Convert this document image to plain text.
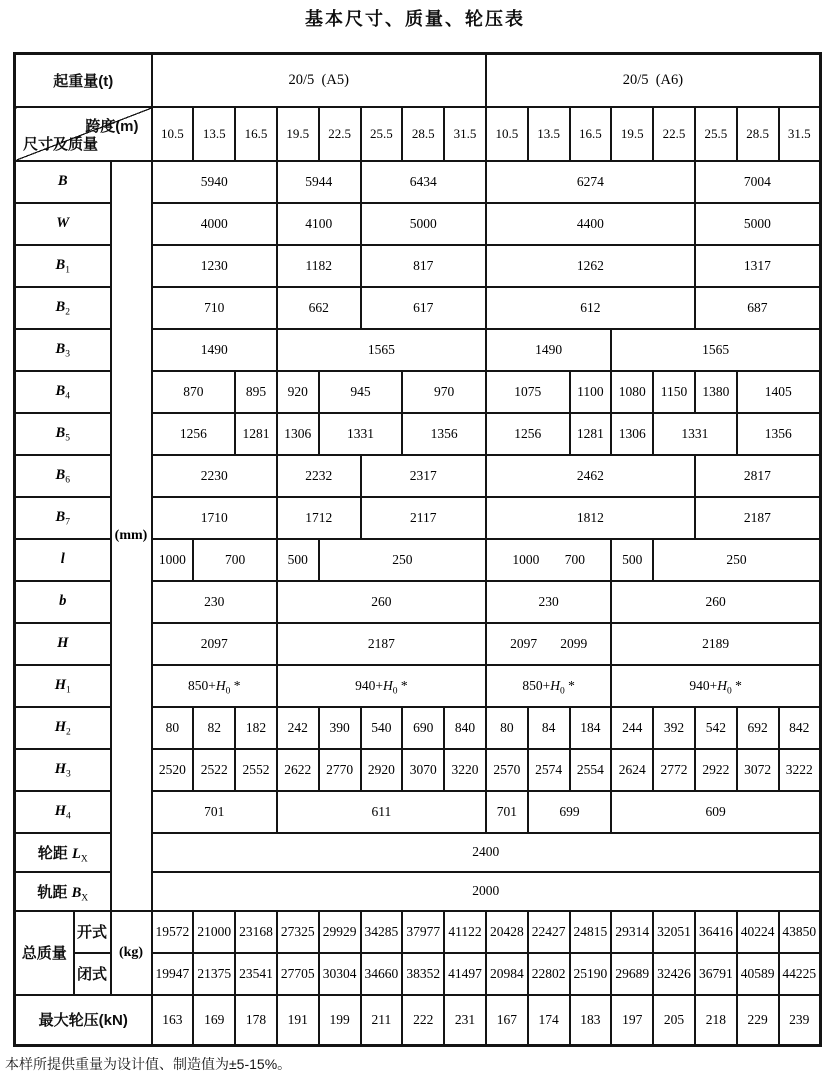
基本尺寸、质量、轮压表
起重量(t)			20/5  (A5)								20/5  (A6)							

跨度(m)
尺寸及质量			10.5	13.5	16.5	19.5	22.5	25.5	28.5	31.5	10.5	13.5	16.5	19.5	22.5	25.5	28.5	31.5
B		(mm)	5940			5944		6434			6274					7004		
W			4000			4100		5000			4400					5000		
$B_1$			1230			1182		817			1262					1317		
$B_2$			710			662		617			612					687		
$B_3$			1490			1565					1490			1565				
$B_4$			870		895	920	945		970		1075		1100	1080	1150	1380	1405	
$B_5$			1256		1281	1306	1331		1356		1256		1281	1306	1331		1356	
$B_6$			2230			2232		2317			2462					2817		
$B_7$			1710			1712		2117			1812					2187		
l			1000	700		500	250				1000 700			500	250			
b			230			260					230			260				
H			2097			2187					2097 2099			2189				
$H_1$			$850+H_0$ *			$940+H_0$ *					$850+H_0$ *			$940+H_0$ *				
$H_2$			80	82	182	242	390	540	690	840	80	84	184	244	392	542	692	842
$H_3$			2520	2522	2552	2622	2770	2920	3070	3220	2570	2574	2554	2624	2772	2922	3072	3222
$H_4$			701			611					701	699		609				
轮距 $L_X$			2400															
轨距 $B_X$			2000															
总质量	开式	(kg)	19572	21000	23168	27325	29929	34285	37977	41122	20428	22427	24815	29314	32051	36416	40224	43850
	闭式		19947	21375	23541	27705	30304	34660	38352	41497	20984	22802	25190	29689	32426	36791	40589	44225
最大轮压(kN)			163	169	178	191	199	211	222	231	167	174	183	197	205	218	229	239

本样所提供重量为设计值、制造值为±5-15%。
